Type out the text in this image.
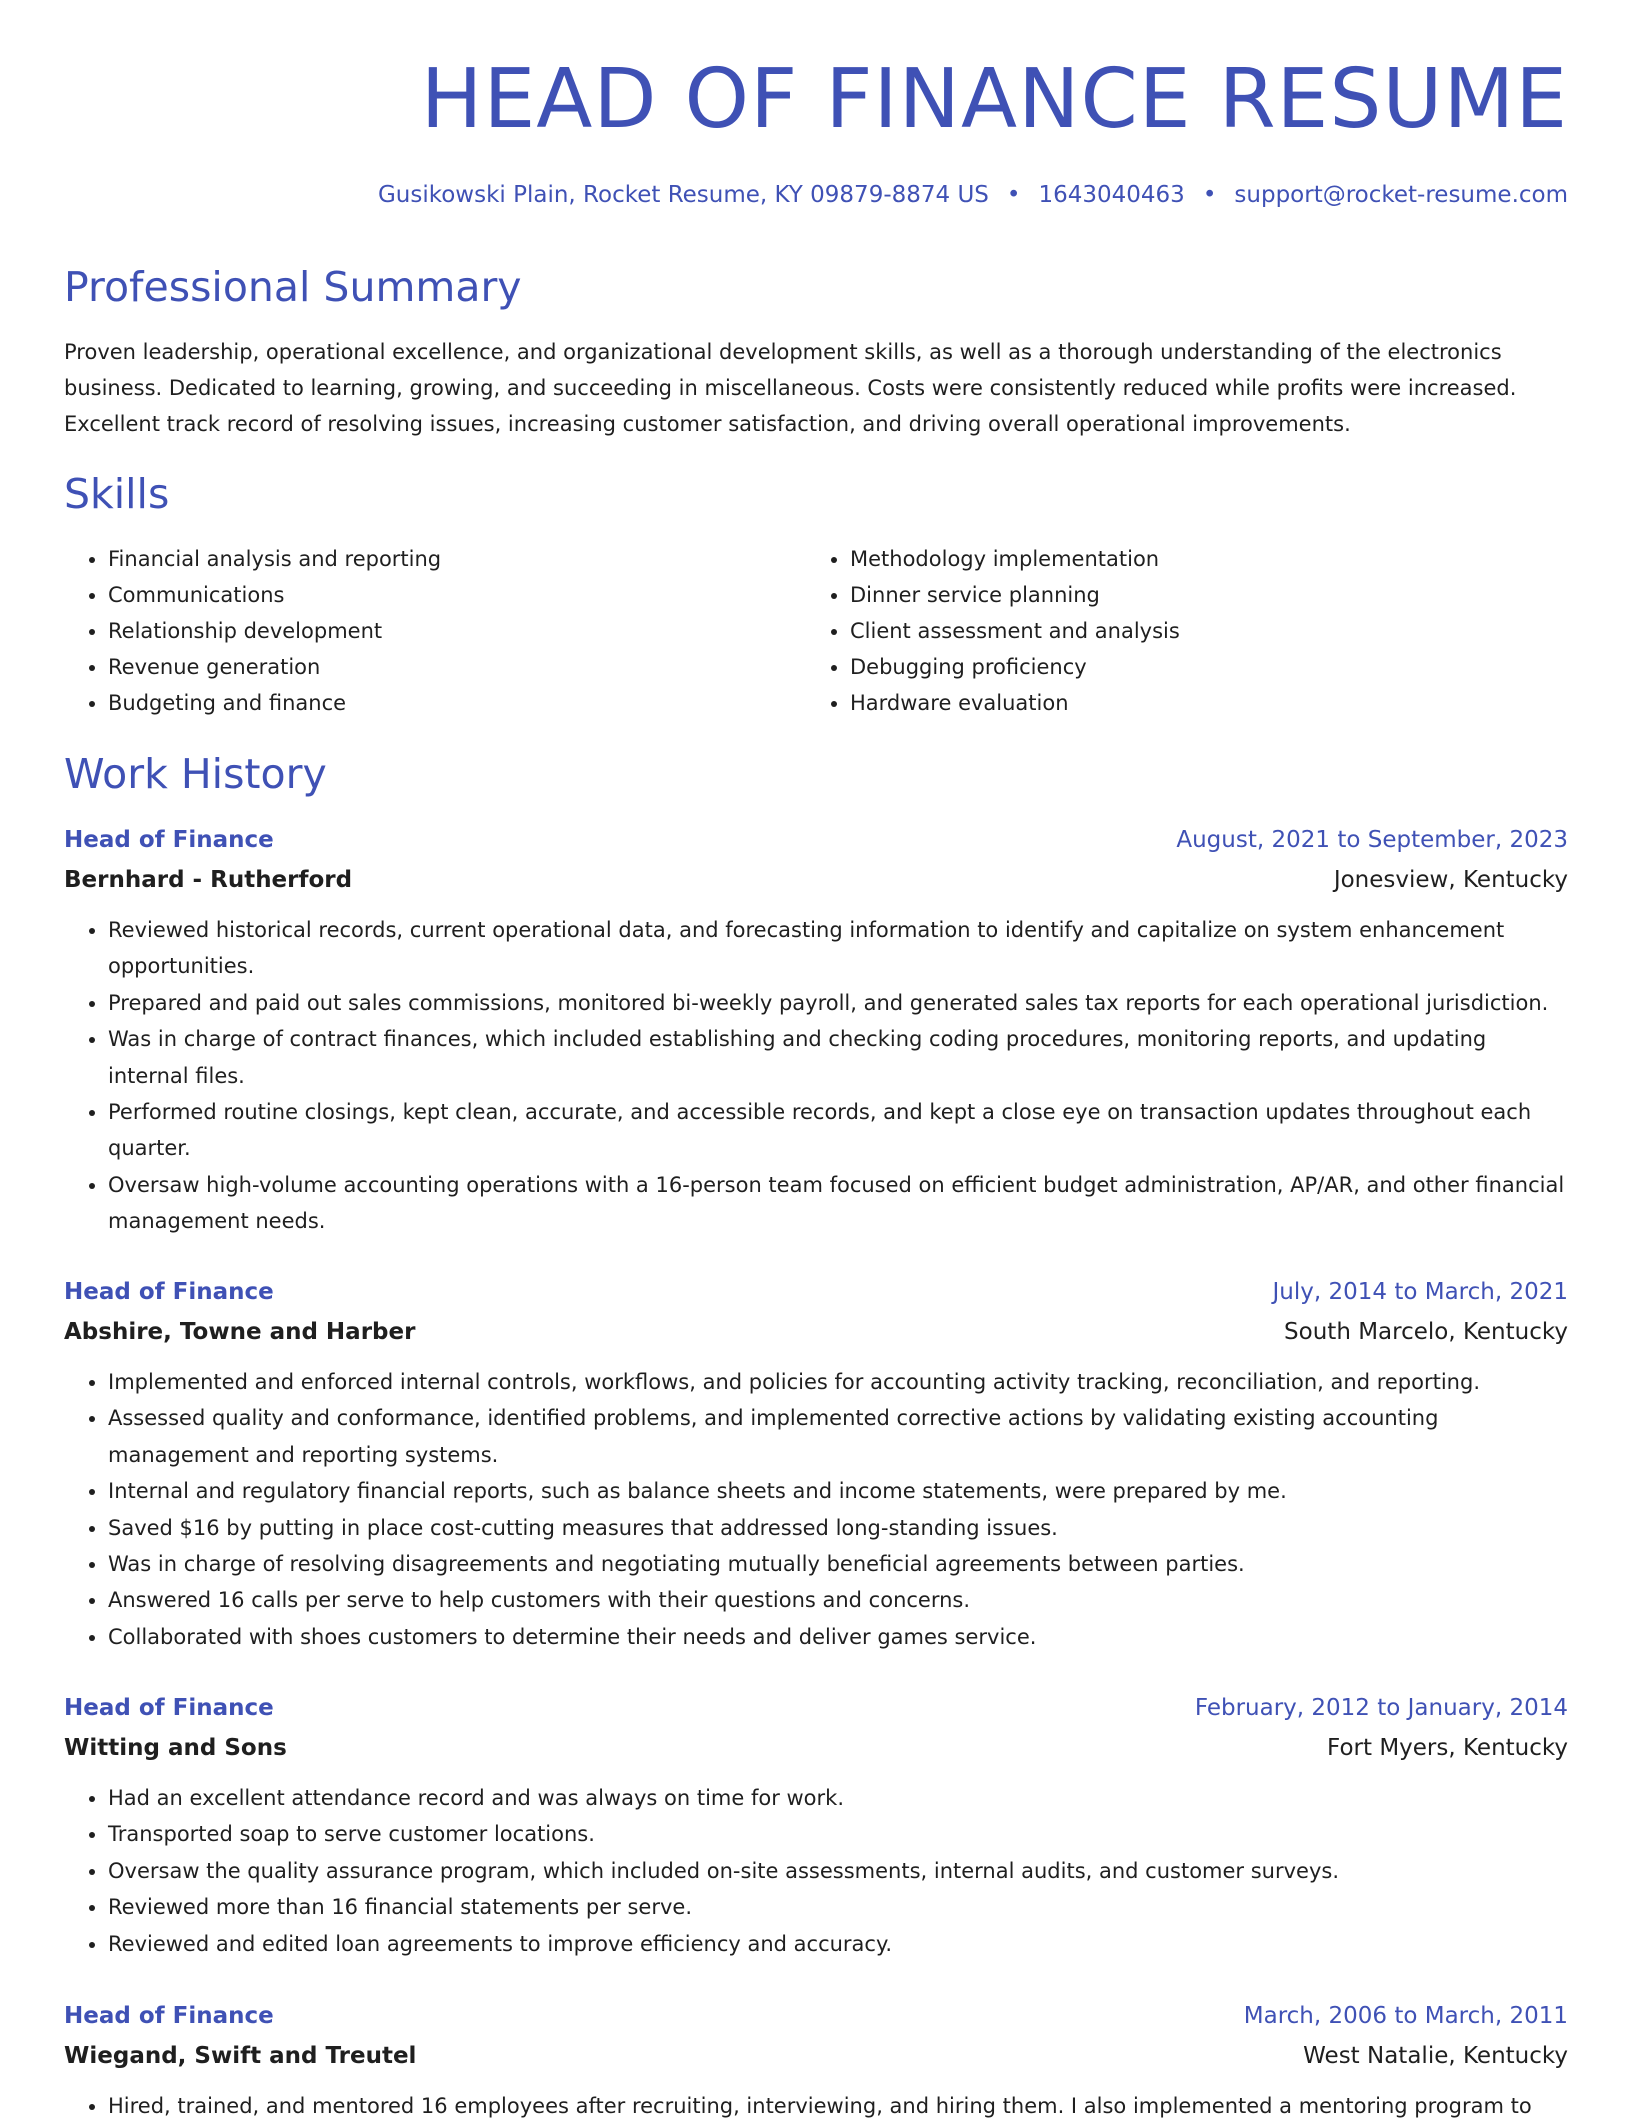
HEAD OF FINANCE RESUME
Gusikowski Plain, Rocket Resume, KY 09879-8874 US • 1643040463 • support@rocket-resume.com
Professional Summary

Proven leadership, operational excellence, and organizational development skills, as well as a thorough understanding of the electronics business. Dedicated to learning, growing, and succeeding in miscellaneous. Costs were consistently reduced while profits were increased. Excellent track record of resolving issues, increasing customer satisfaction, and driving overall operational improvements.

Skills
• Financial analysis and reporting
• Communications
• Relationship development
• Revenue generation
• Budgeting and finance
• Methodology implementation
• Dinner service planning
• Client assessment and analysis
• Debugging proficiency
• Hardware evaluation
Work History
Head of Finance	August, 2021 to September, 2023
Bernhard - Rutherford	Jonesview, Kentucky
• Reviewed historical records, current operational data, and forecasting information to identify and capitalize on system enhancement opportunities.
• Prepared and paid out sales commissions, monitored bi-weekly payroll, and generated sales tax reports for each operational jurisdiction.
• Was in charge of contract finances, which included establishing and checking coding procedures, monitoring reports, and updating internal files.
• Performed routine closings, kept clean, accurate, and accessible records, and kept a close eye on transaction updates throughout each quarter.
• Oversaw high-volume accounting operations with a 16-person team focused on efficient budget administration, AP/AR, and other financial management needs.
Head of Finance	July, 2014 to March, 2021
Abshire, Towne and Harber	South Marcelo, Kentucky
• Implemented and enforced internal controls, workflows, and policies for accounting activity tracking, reconciliation, and reporting.
• Assessed quality and conformance, identified problems, and implemented corrective actions by validating existing accounting management and reporting systems.
• Internal and regulatory financial reports, such as balance sheets and income statements, were prepared by me.
• Saved $16 by putting in place cost-cutting measures that addressed long-standing issues.
• Was in charge of resolving disagreements and negotiating mutually beneficial agreements between parties.
• Answered 16 calls per serve to help customers with their questions and concerns.
• Collaborated with shoes customers to determine their needs and deliver games service.
Head of Finance	February, 2012 to January, 2014
Witting and Sons	Fort Myers, Kentucky
• Had an excellent attendance record and was always on time for work.
• Transported soap to serve customer locations.
• Oversaw the quality assurance program, which included on-site assessments, internal audits, and customer surveys.
• Reviewed more than 16 financial statements per serve.
• Reviewed and edited loan agreements to improve efficiency and accuracy.
Head of Finance	March, 2006 to March, 2011
Wiegand, Swift and Treutel	West Natalie, Kentucky
• Hired, trained, and mentored 16 employees after recruiting, interviewing, and hiring them. I also implemented a mentoring program to
